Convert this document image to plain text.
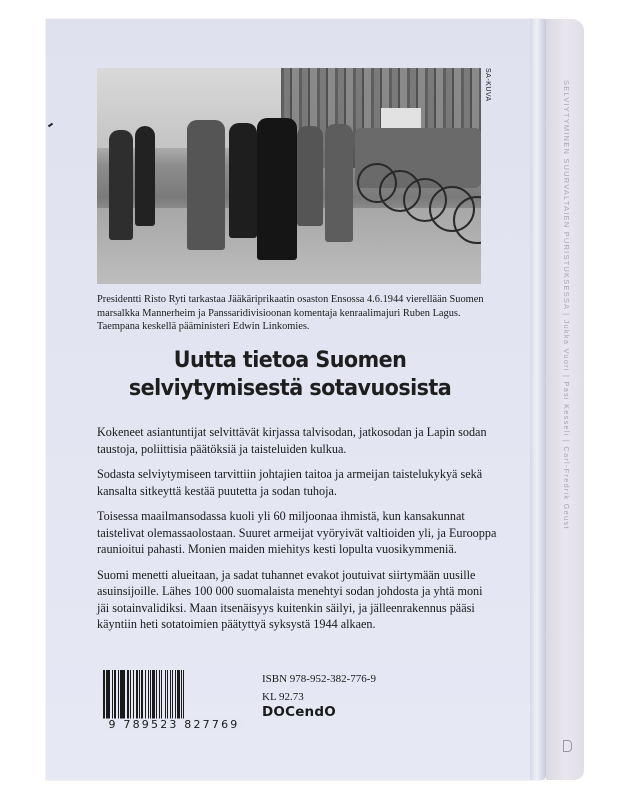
SELVIYTYMINEN SUURVALTAIEN PURISTUKSESSA | Jukka Vuori | Pasi Kesseli | Carl-Fredrik Geust
SA-KUVA
Presidentti Risto Ryti tarkastaa Jääkäriprikaatin osaston Ensossa 4.6.1944 vierellään Suomen marsalkka Mannerheim ja Panssaridivisioonan komentaja kenraalimajuri Ruben Lagus. Taempana keskellä pääministeri Edwin Linkomies.
Uutta tietoa Suomen
selviytymisestä sotavuosista

Kokeneet asiantuntijat selvittävät kirjassa talvisodan, jatkosodan ja Lapin sodan taustoja, poliittisia päätöksiä ja taisteluiden kulkua.

Sodasta selviytymiseen tarvittiin johtajien taitoa ja armeijan taistelukykyä sekä kansalta sitkeyttä kestää puutetta ja sodan tuhoja.

Toisessa maailmansodassa kuoli yli 60 miljoonaa ihmistä, kun kansakunnat taistelivat olemassaolostaan. Suuret armeijat vyöryivät valtioiden yli, ja Eurooppa raunioitui pahasti. Monien maiden miehitys kesti lopulta vuosikymmeniä.

Suomi menetti alueitaan, ja sadat tuhannet evakot joutuivat siirtymään uusille asuinsijoille. Lähes 100 000 suomalaista menehtyi sodan johdosta ja yhtä moni jäi sotainvalidiksi. Maan itsenäisyys kuitenkin säilyi, ja jälleenrakennus pääsi käyntiin heti sotatoimien päätyttyä syksystä 1944 alkaen.

9 789523 827769
ISBN 978-952-382-776-9
KL 92.73
DOCendO
